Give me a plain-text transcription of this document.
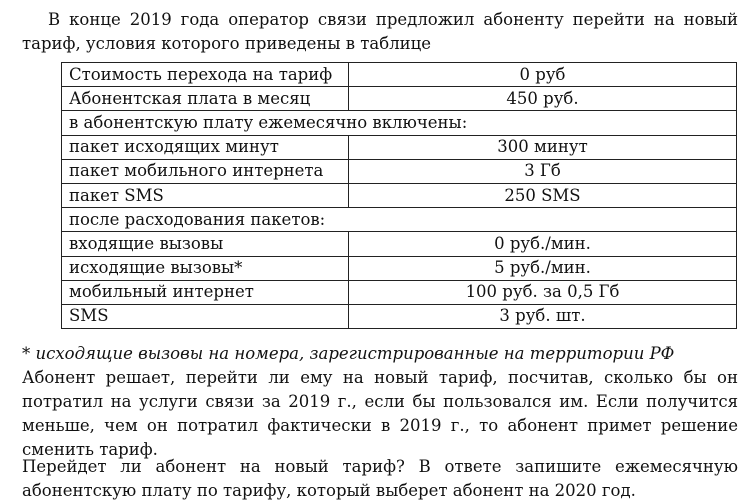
В конце 2019 года оператор связи предложил абоненту перейти на новый тариф, условия которого приведены в таблице

Стоимость перехода на тариф	0 руб
Абонентская плата в месяц	450 руб.
в абонентскую плату ежемесячно включены:	
пакет исходящих минут	300 минут
пакет мобильного интернета	3 Гб
пакет SMS	250 SMS
после расходования пакетов:	
входящие вызовы	0 руб./мин.
исходящие вызовы*	5 руб./мин.
мобильный интернет	100 руб. за 0,5 Гб
SMS	3 руб. шт.

* исходящие вызовы на номера, зарегистрированные на территории РФ

Абонент решает, перейти ли ему на новый тариф, посчитав, сколько бы он потратил на услуги связи за 2019 г., если бы пользовался им. Если получится меньше, чем он потратил фактически в 2019 г., то абонент примет решение сменить тариф.

Перейдет ли абонент на новый тариф? В ответе запишите ежемесячную абонентскую плату по тарифу, который выберет абонент на 2020 год.
